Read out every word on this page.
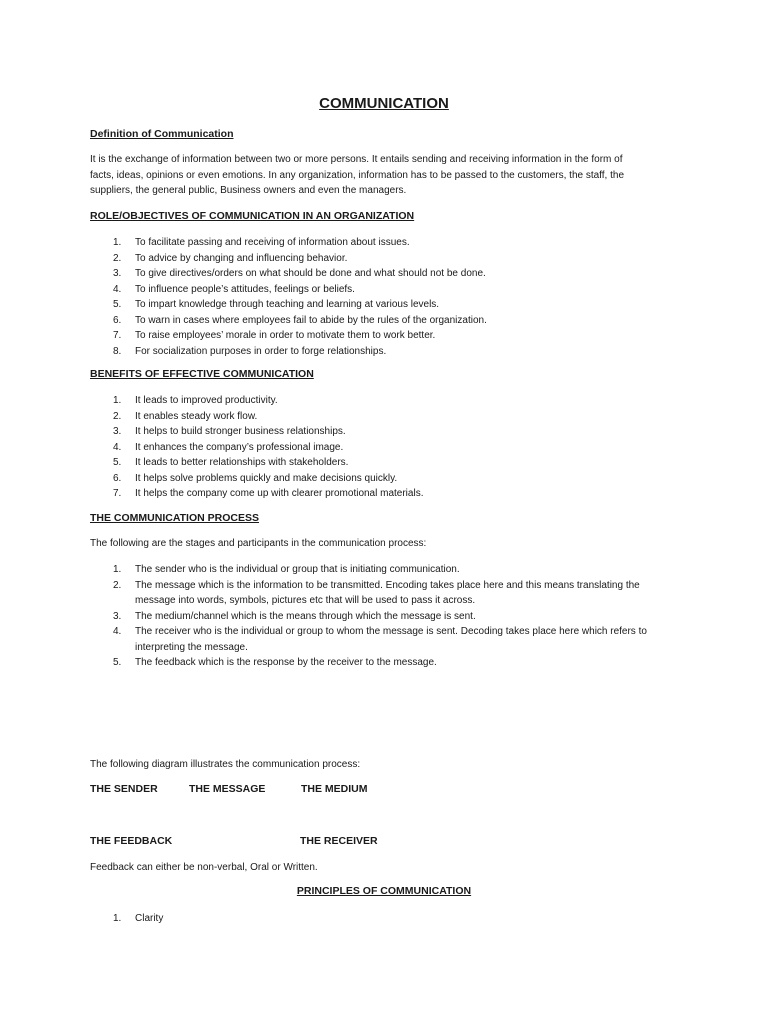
COMMUNICATION
Definition of Communication
It is the exchange of information between two or more persons. It entails sending and receiving information in the form of
facts, ideas, opinions or even emotions. In any organization, information has to be passed to the customers, the staff, the
suppliers, the general public, Business owners and even the managers.
ROLE/OBJECTIVES OF COMMUNICATION IN AN ORGANIZATION
1. To facilitate passing and receiving of information about issues.
2. To advice by changing and influencing behavior.
3. To give directives/orders on what should be done and what should not be done.
4. To influence people’s attitudes, feelings or beliefs.
5. To impart knowledge through teaching and learning at various levels.
6. To warn in cases where employees fail to abide by the rules of the organization.
7. To raise employees’ morale in order to motivate them to work better.
8. For socialization purposes in order to forge relationships.
BENEFITS OF EFFECTIVE COMMUNICATION
1. It leads to improved productivity.
2. It enables steady work flow.
3. It helps to build stronger business relationships.
4. It enhances the company’s professional image.
5. It leads to better relationships with stakeholders.
6. It helps solve problems quickly and make decisions quickly.
7. It helps the company come up with clearer promotional materials.
THE COMMUNICATION PROCESS
The following are the stages and participants in the communication process:
1. The sender who is the individual or group that is initiating communication.
2. The message which is the information to be transmitted. Encoding takes place here and this means translating the
message into words, symbols, pictures etc that will be used to pass it across.
3. The medium/channel which is the means through which the message is sent.
4. The receiver who is the individual or group to whom the message is sent. Decoding takes place here which refers to
interpreting the message.
5. The feedback which is the response by the receiver to the message.
The following diagram illustrates the communication process:
THE SENDER	THE MESSAGE	THE MEDIUM
THE FEEDBACK	THE RECEIVER
Feedback can either be non-verbal, Oral or Written.
PRINCIPLES OF COMMUNICATION
1. Clarity
